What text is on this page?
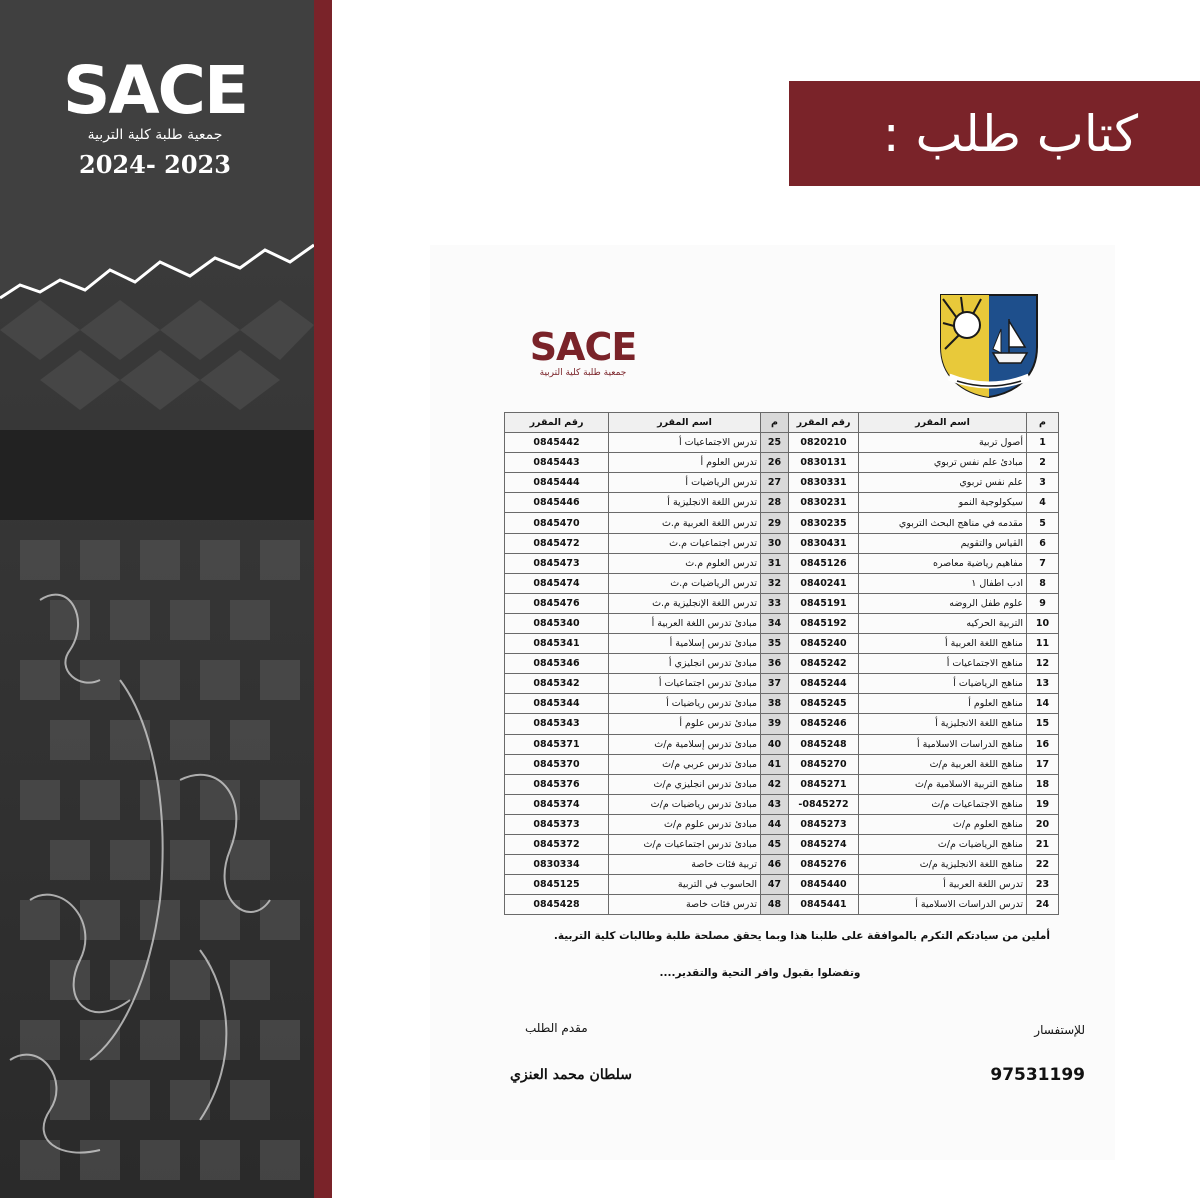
SACE
جمعية طلبة كلية التربية
2024- 2023
كتاب طلب :
SACE
جمعية طلبة كلية التربية
م	اسم المقرر	رقم المقرر	م	اسم المقرر	رقم المقرر
1	أصول تربية	0820210	25	تدرس الاجتماعيات أ	0845442
2	مبادئ علم نفس تربوي	0830131	26	تدرس العلوم أ	0845443
3	علم نفس تربوي	0830331	27	تدرس الرياضيات أ	0845444
4	سيكولوجية النمو	0830231	28	تدرس اللغة الانجليزية أ	0845446
5	مقدمه في مناهج البحث التربوي	0830235	29	تدرس اللغة العربية م.ث	0845470
6	القياس والتقويم	0830431	30	تدرس اجتماعيات م.ث	0845472
7	مفاهيم رياضية معاصره	0845126	31	تدرس العلوم م.ث	0845473
8	ادب اطفال ١	0840241	32	تدرس الرياضيات م.ث	0845474
9	علوم طفل الروضه	0845191	33	تدرس اللغة الإنجليزية م.ث	0845476
10	التربية الحركيه	0845192	34	مبادئ تدرس اللغة العربية أ	0845340
11	مناهج اللغة العربية أ	0845240	35	مبادئ تدرس إسلامية أ	0845341
12	مناهج الاجتماعيات أ	0845242	36	مبادئ تدرس انجليزي أ	0845346
13	مناهج الرياضيات أ	0845244	37	مبادئ تدرس اجتماعيات أ	0845342
14	مناهج العلوم أ	0845245	38	مبادئ تدرس رياضيات أ	0845344
15	مناهج اللغة الانجليزية أ	0845246	39	مبادئ تدرس علوم أ	0845343
16	مناهج الدراسات الاسلامية أ	0845248	40	مبادئ تدرس إسلامية م/ث	0845371
17	مناهج اللغة العربية م/ث	0845270	41	مبادئ تدرس عربي م/ث	0845370
18	مناهج التربية الاسلامية م/ث	0845271	42	مبادئ تدرس انجليزي م/ث	0845376
19	مناهج الاجتماعيات م/ث	0845272-	43	مبادئ تدرس رياضيات م/ث	0845374
20	مناهج العلوم م/ث	0845273	44	مبادئ تدرس علوم م/ث	0845373
21	مناهج الرياضيات م/ث	0845274	45	مبادئ تدرس اجتماعيات م/ث	0845372
22	مناهج اللغة الانجليزية م/ث	0845276	46	تربية فئات خاصة	0830334
23	تدرس اللغة العربية أ	0845440	47	الحاسوب في التربية	0845125
24	تدرس الدراسات الاسلامية أ	0845441	48	تدرس فئات خاصة	0845428
أملين من سيادتكم التكرم بالموافقة على طلبنا هذا وبما يحقق مصلحة طلبة وطالبات كلية التربية.
وتفضلوا بقبول وافر التحية والتقدير....
للإستفسار
97531199
مقدم الطلب
سلطان محمد العنزي
